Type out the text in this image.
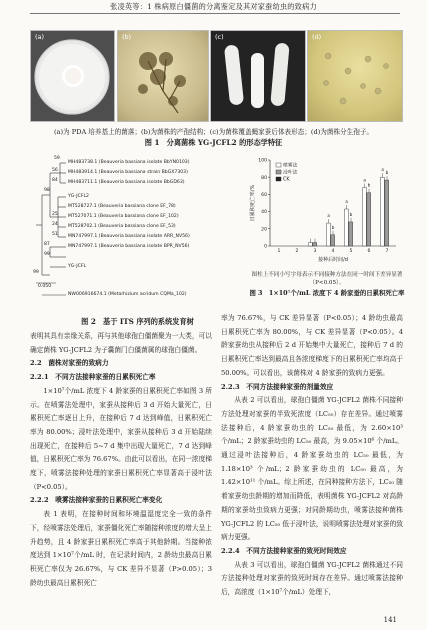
张凌英等：1 株病原白僵菌的分离鉴定及其对家蚕幼虫的致病力
(a)	(b)	(c)	(d)
(a)为 PDA 培养基上的菌落；(b)为菌株的产孢结构；(c)为菌株覆盖蝇家蚕后体表形态；(d)为菌株分生孢子。
图 1　分离菌株 YG-JCFL2 的形态学特征
MH483738.1 (Beauveria bassiana isolate BbYN0103)
MH483914.1 (Beauveria bassiana strain BbGX7303)
MH483711.1 (Beauveria bassiana isolate BbGD63)
YG-JCFL2
MT528727.1 (Beauveria bassiana clone EF_78)
MT527071.1 (Beauveria bassiana clone EF_102)
MT528702.1 (Beauveria bassiana clone EF_53)
MN747997.1 (Beauveria bassiana isolate ARR_NV56)
MN747997.1 (Beauveria bassiana isolate BPR_NV56)
YG-JCFL
NW006916674.1 (Metarhizium acridum CQMa_102)
59
56
98
84
25
24
51
87
99
99
0.050
图 2　基于 ITS 序列的系统发育树
0
20
40
60
80
100
日累积死亡率/%
接种后时间/d
1	2	3	4	5	6	7
a
b
a
b
a
b
a
b
喷雾法
浸叶法
CK
图柱上不同小写字母表示不同接种方法在同一时间下差异显著（P<0.05）。
图 3　1×10⁷个/mL 浓度下 4 龄家蚕的日累积死亡率

表明其具有亲缘关系，再与其他球孢白僵菌聚为一大类，可以确定菌株 YG-JCFL2 为子囊菌门白僵菌属的球孢白僵菌。

2.2　菌株对家蚕的致病力

2.2.1　不同方法接种家蚕的日累积死亡率

1×10⁷个/mL 浓度下 4 龄家蚕的日累积死亡率如图 3 所示。在喷雾法处理中，家蚕从接种后 3 d 开始大量死亡，日累积死亡率逐日上升，在接种后 7 d 达到峰值，日累积死亡率为 80.00%；浸叶法处理中，家蚕从接种后 3 d 开始陆续出现死亡，在接种后 5~7 d 集中出现大量死亡，7 d 达到峰值，日累积死亡率为 76.67%。由此可以看出，在同一浓度梯度下，喷雾法接种处理的家蚕日累积死亡率显著高于浸叶法（P<0.05）。

2.2.2　喷雾法接种家蚕的日累积死亡率变化

表 1 表明，在接种时间和环境温湿度完全一致的条件下，经喷雾法处理后，家蚕僵化死亡率随接种浓度的增大呈上升趋势，且 4 龄家蚕日累积死亡率高于其他龄期。当接种浓度达到 1×10⁷个/mL 时，在记录时间内，2 龄幼虫最高日累积死亡率仅为 26.67%，与 CK 差异不显著（P>0.05）；3 龄幼虫最高日累积死亡

率为 76.67%，与 CK 差异显著（P<0.05）；4 龄幼虫最高日累积死亡率为 80.00%，与 CK 差异显著（P<0.05）。4 龄家蚕幼虫从接种后 2 d 开始集中大量死亡，接种后 7 d 的日累积死亡率达到最高且各浓度梯度下的日累积死亡率均高于 50.00%。可以看出，该菌株对 4 龄家蚕的致病力更强。

2.2.3　不同方法接种家蚕的剂量效应

从表 2 可以看出，球孢白僵菌 YG-JCFL2 菌株不同接种方法处理对家蚕的半致死浓度（LC₅₀）存在差异。通过喷雾法接种后，4 龄家蚕幼虫的 LC₅₀ 最低，为 2.60×10³ 个/mL；2 龄家蚕幼虫的 LC₅₀ 最高，为 9.05×10⁶ 个/mL。通过浸叶法接种后，4 龄家蚕幼虫的 LC₅₀ 最低，为 1.18×10³ 个/mL；2 龄家蚕幼虫的 LC₅₀ 最高，为 1.42×10¹¹ 个/mL。综上所述，在同种接种方法下，LC₅₀ 随着家蚕幼虫龄期的增加而降低，表明菌株 YG-JCFL2 对高龄期的家蚕幼虫致病力更强；对同龄期幼虫，喷雾法接种菌株 YG-JCFL2 的 LC₅₀ 低于浸叶法，说明喷雾法处理对家蚕的致病力更强。

2.2.4　不同方法接种家蚕的致死时间效应

从表 3 可以看出，球孢白僵菌 YG-JCFL2 菌株通过不同方法接种处理对家蚕的致死时间存在差异。通过喷雾法接种后，高浓度（1×10⁷个/mL）处理下，

141
